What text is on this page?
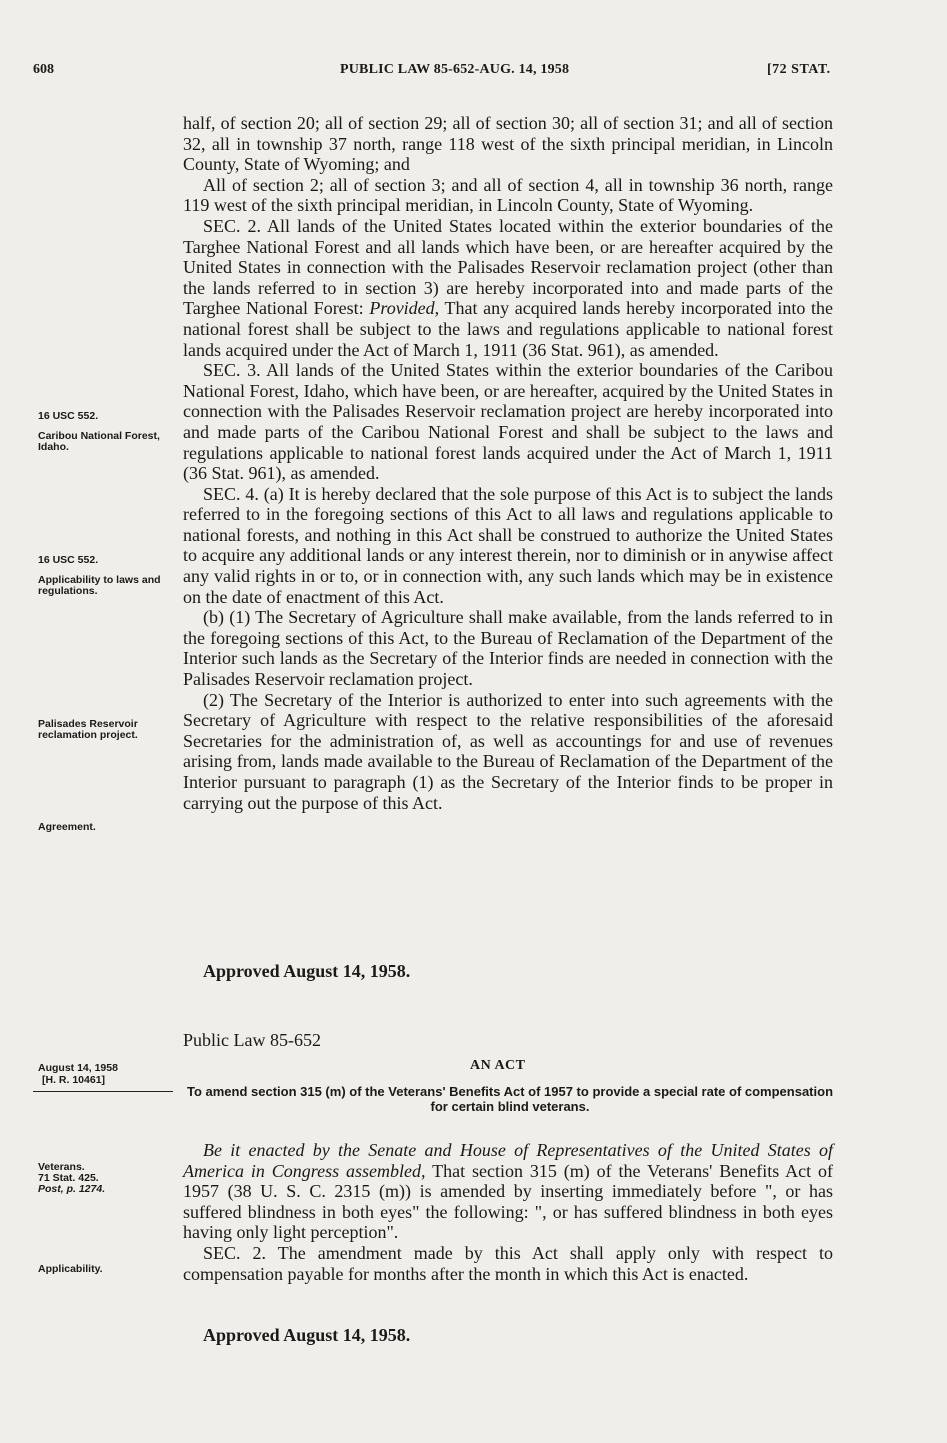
608	PUBLIC LAW 85-652-AUG. 14, 1958	[72 STAT.

half, of section 20; all of section 29; all of section 30; all of section 31; and all of section 32, all in township 37 north, range 118 west of the sixth principal meridian, in Lincoln County, State of Wyoming; and

All of section 2; all of section 3; and all of section 4, all in township 36 north, range 119 west of the sixth principal meridian, in Lincoln County, State of Wyoming.

SEC. 2. All lands of the United States located within the exterior boundaries of the Targhee National Forest and all lands which have been, or are hereafter acquired by the United States in connection with the Palisades Reservoir reclamation project (other than the lands referred to in section 3) are hereby incorporated into and made parts of the Targhee National Forest: Provided, That any acquired lands hereby incorporated into the national forest shall be subject to the laws and regulations applicable to national forest lands acquired under the Act of March 1, 1911 (36 Stat. 961), as amended.

SEC. 3. All lands of the United States within the exterior boundaries of the Caribou National Forest, Idaho, which have been, or are hereafter, acquired by the United States in connection with the Palisades Reservoir reclamation project are hereby incorporated into and made parts of the Caribou National Forest and shall be subject to the laws and regulations applicable to national forest lands acquired under the Act of March 1, 1911 (36 Stat. 961), as amended.

SEC. 4. (a) It is hereby declared that the sole purpose of this Act is to subject the lands referred to in the foregoing sections of this Act to all laws and regulations applicable to national forests, and nothing in this Act shall be construed to authorize the United States to acquire any additional lands or any interest therein, nor to diminish or in anywise affect any valid rights in or to, or in connection with, any such lands which may be in existence on the date of enactment of this Act.

(b) (1) The Secretary of Agriculture shall make available, from the lands referred to in the foregoing sections of this Act, to the Bureau of Reclamation of the Department of the Interior such lands as the Secretary of the Interior finds are needed in connection with the Palisades Reservoir reclamation project.

(2) The Secretary of the Interior is authorized to enter into such agreements with the Secretary of Agriculture with respect to the relative responsibilities of the aforesaid Secretaries for the administration of, as well as accountings for and use of revenues arising from, lands made available to the Bureau of Reclamation of the Department of the Interior pursuant to paragraph (1) as the Secretary of the Interior finds to be proper in carrying out the purpose of this Act.

Approved August 14, 1958.
16 USC 552.
Caribou National Forest, Idaho.
16 USC 552.
Applicability to laws and regulations.
Palisades Reservoir reclamation project.
Agreement.
Public Law 85-652
AN ACT
August 14, 1958
[H. R. 10461]
To amend section 315 (m) of the Veterans' Benefits Act of 1957 to provide a special rate of compensation for certain blind veterans.

Be it enacted by the Senate and House of Representatives of the United States of America in Congress assembled, That section 315 (m) of the Veterans' Benefits Act of 1957 (38 U. S. C. 2315 (m)) is amended by inserting immediately before ", or has suffered blindness in both eyes" the following: ", or has suffered blindness in both eyes having only light perception".

SEC. 2. The amendment made by this Act shall apply only with respect to compensation payable for months after the month in which this Act is enacted.

Approved August 14, 1958.
Veterans.
71 Stat. 425.
Post, p. 1274.
Applicability.
